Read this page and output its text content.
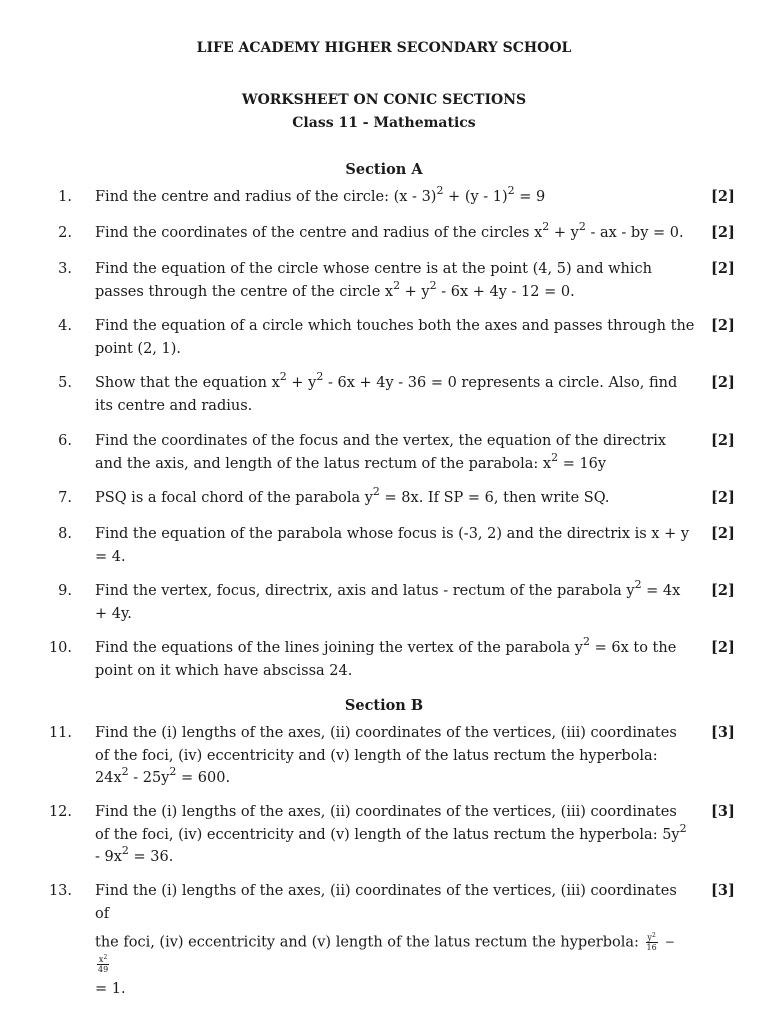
LIFE ACADEMY HIGHER SECONDARY SCHOOL
WORKSHEET ON CONIC SECTIONS
Class 11 - Mathematics
Section A
1. Find the centre and radius of the circle: (x - 3)$^2$ + (y - 1)$^2$ = 9	[2]
2. Find the coordinates of the centre and radius of the circles $x^2 + y^2$ - ax - by = 0.	[2]
3. Find the equation of the circle whose centre is at the point (4, 5) and which passes through the centre of the circle $x^2 + y^2 - 6x + 4y - 12 = 0$.
[2]
4. Find the equation of a circle which touches both the axes and passes through the point (2, 1).
[2]
5. Show that the equation $x^2 + y^2 - 6x + 4y - 36 = 0$ represents a circle. Also, find its centre and radius.
[2]
6. Find the coordinates of the focus and the vertex, the equation of the directrix and the axis, and length of the latus rectum of the parabola: $x^2 = 16y$
[2]
7. PSQ is a focal chord of the parabola $y^2 = 8x$. If SP = 6, then write SQ.	[2]
8. Find the equation of the parabola whose focus is (-3, 2) and the directrix is x + y = 4.
[2]
9. Find the vertex, focus, directrix, axis and latus - rectum of the parabola $y^2 = 4x + 4y$.
[2]
10. Find the equations of the lines joining the vertex of the parabola $y^2 = 6x$ to the point on it which have abscissa 24.
[2]
Section B
11. Find the (i) lengths of the axes, (ii) coordinates of the vertices, (iii) coordinates of the foci, (iv) eccentricity and (v) length of the latus rectum the hyperbola: $24x^2 - 25y^2 = 600$.
[3]
12. Find the (i) lengths of the axes, (ii) coordinates of the vertices, (iii) coordinates of the foci, (iv) eccentricity and (v) length of the latus rectum the hyperbola: $5y^2 - 9x^2 = 36$.
[3]
13. Find the (i) lengths of the axes, (ii) coordinates of the vertices, (iii) coordinates of
the foci, (iv) eccentricity and (v) length of the latus rectum the hyperbola: $\frac{y^2}{16}$ −
$\frac{x^2}{49}$
= 1.
[3]
